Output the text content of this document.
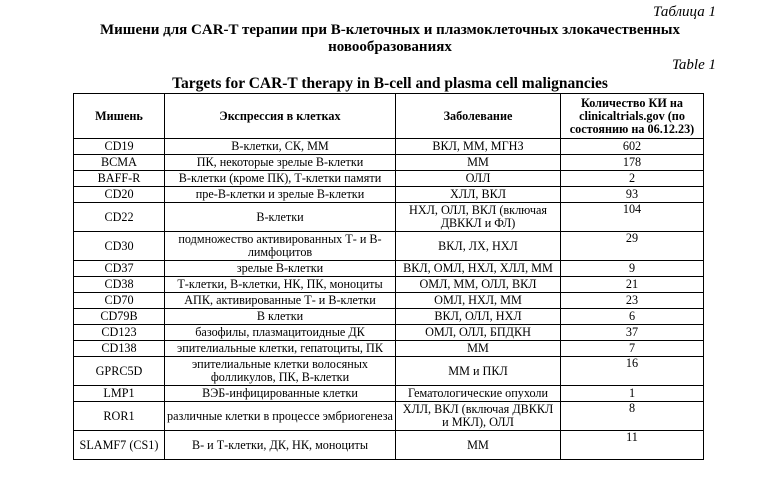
Таблица 1
Мишени для CAR-T терапии при В-клеточных и плазмоклеточных злокачественных новообразованиях
Table 1
Targets for CAR-T therapy in B-cell and plasma cell malignancies
Мишень	Экспрессия в клетках	Заболевание	Количество КИ на clinicaltrials.gov (по состоянию на 06.12.23)
CD19	В-клетки, СК, ММ	ВКЛ, ММ, МГНЗ	602
BCMA	ПК, некоторые зрелые В-клетки	ММ	178
BAFF-R	В-клетки (кроме ПК), Т-клетки памяти	ОЛЛ	2
CD20	пре-В-клетки и зрелые В-клетки	ХЛЛ, ВКЛ	93
CD22	В-клетки	НХЛ, ОЛЛ, ВКЛ (включая ДВККЛ и ФЛ)	104
CD30	подмножество активированных Т- и В-лимфоцитов	ВКЛ, ЛХ, НХЛ	29
CD37	зрелые В-клетки	ВКЛ, ОМЛ, НХЛ, ХЛЛ, ММ	9
CD38	Т-клетки, В-клетки, НК, ПК, моноциты	ОМЛ, ММ, ОЛЛ, ВКЛ	21
CD70	АПК, активированные Т- и В-клетки	ОМЛ, НХЛ, ММ	23
CD79B	В клетки	ВКЛ, ОЛЛ, НХЛ	6
CD123	базофилы, плазмацитоидные ДК	ОМЛ, ОЛЛ, БПДКН	37
CD138	эпителиальные клетки, гепатоциты, ПК	ММ	7
GPRC5D	эпителиальные клетки волосяных фолликулов, ПК, В-клетки	ММ и ПКЛ	16
LMP1	ВЭБ-инфицированные клетки	Гематологические опухоли	1
ROR1	различные клетки в процессе эмбриогенеза	ХЛЛ, ВКЛ (включая ДВККЛ и МКЛ), ОЛЛ	8
SLAMF7 (CS1)	В- и Т-клетки, ДК, НК, моноциты	ММ	11
